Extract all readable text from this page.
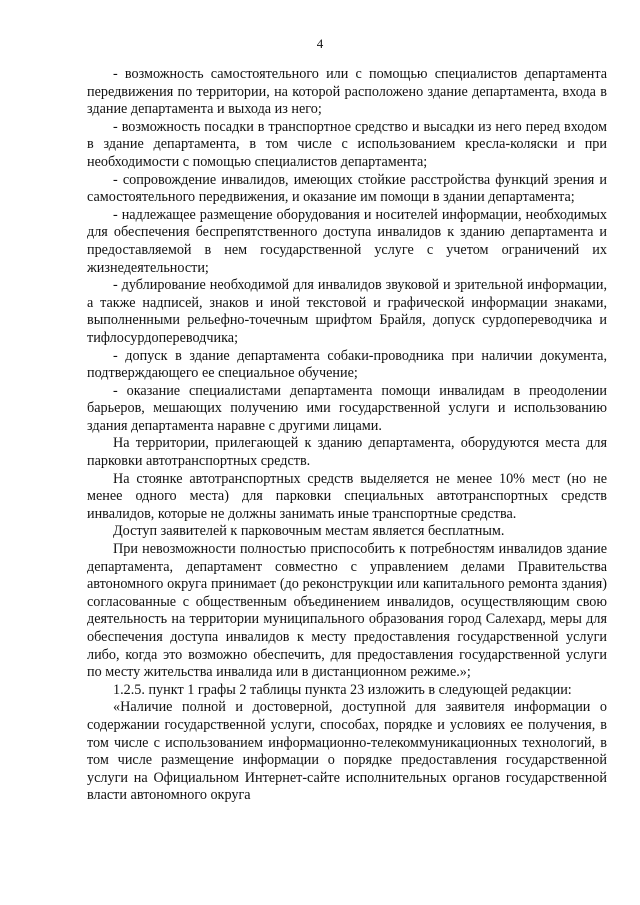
4

- возможность самостоятельного или с помощью специалистов департамента передвижения по территории, на которой расположено здание департамента, входа в здание департамента и выхода из него;

- возможность посадки в транспортное средство и высадки из него перед входом в здание департамента, в том числе с использованием кресла-коляски и при необходимости с помощью специалистов департамента;

- сопровождение инвалидов, имеющих стойкие расстройства функций зрения и самостоятельного передвижения, и оказание им помощи в здании департамента;

- надлежащее размещение оборудования и носителей информации, необходимых для обеспечения беспрепятственного доступа инвалидов к зданию департамента и предоставляемой в нем государственной услуге с учетом ограничений их жизнедеятельности;

- дублирование необходимой для инвалидов звуковой и зрительной информации, а также надписей, знаков и иной текстовой и графической информации знаками, выполненными рельефно-точечным шрифтом Брайля, допуск сурдопереводчика и тифлосурдопереводчика;

- допуск в здание департамента собаки-проводника при наличии документа, подтверждающего ее специальное обучение;

- оказание специалистами департамента помощи инвалидам в преодолении барьеров, мешающих получению ими государственной услуги и использованию здания департамента наравне с другими лицами.

На территории, прилегающей к зданию департамента, оборудуются места для парковки автотранспортных средств.

На стоянке автотранспортных средств выделяется не менее 10% мест (но не менее одного места) для парковки специальных автотранспортных средств инвалидов, которые не должны занимать иные транспортные средства.

Доступ заявителей к парковочным местам является бесплатным.

При невозможности полностью приспособить к потребностям инвалидов здание департамента, департамент совместно с управлением делами Правительства автономного округа принимает (до реконструкции или капитального ремонта здания) согласованные с общественным объединением инвалидов, осуществляющим свою деятельность на территории муниципального образования город Салехард, меры для обеспечения доступа инвалидов к месту предоставления государственной услуги либо, когда это возможно обеспечить, для предоставления государственной услуги по месту жительства инвалида или в дистанционном режиме.»;

1.2.5. пункт 1 графы 2 таблицы пункта 23 изложить в следующей редакции:

«Наличие полной и достоверной, доступной для заявителя информации о содержании государственной услуги, способах, порядке и условиях ее получения, в том числе с использованием информационно-телекоммуникационных технологий, в том числе размещение информации о порядке предоставления государственной услуги на Официальном Интернет-сайте исполнительных органов государственной власти автономного округа
